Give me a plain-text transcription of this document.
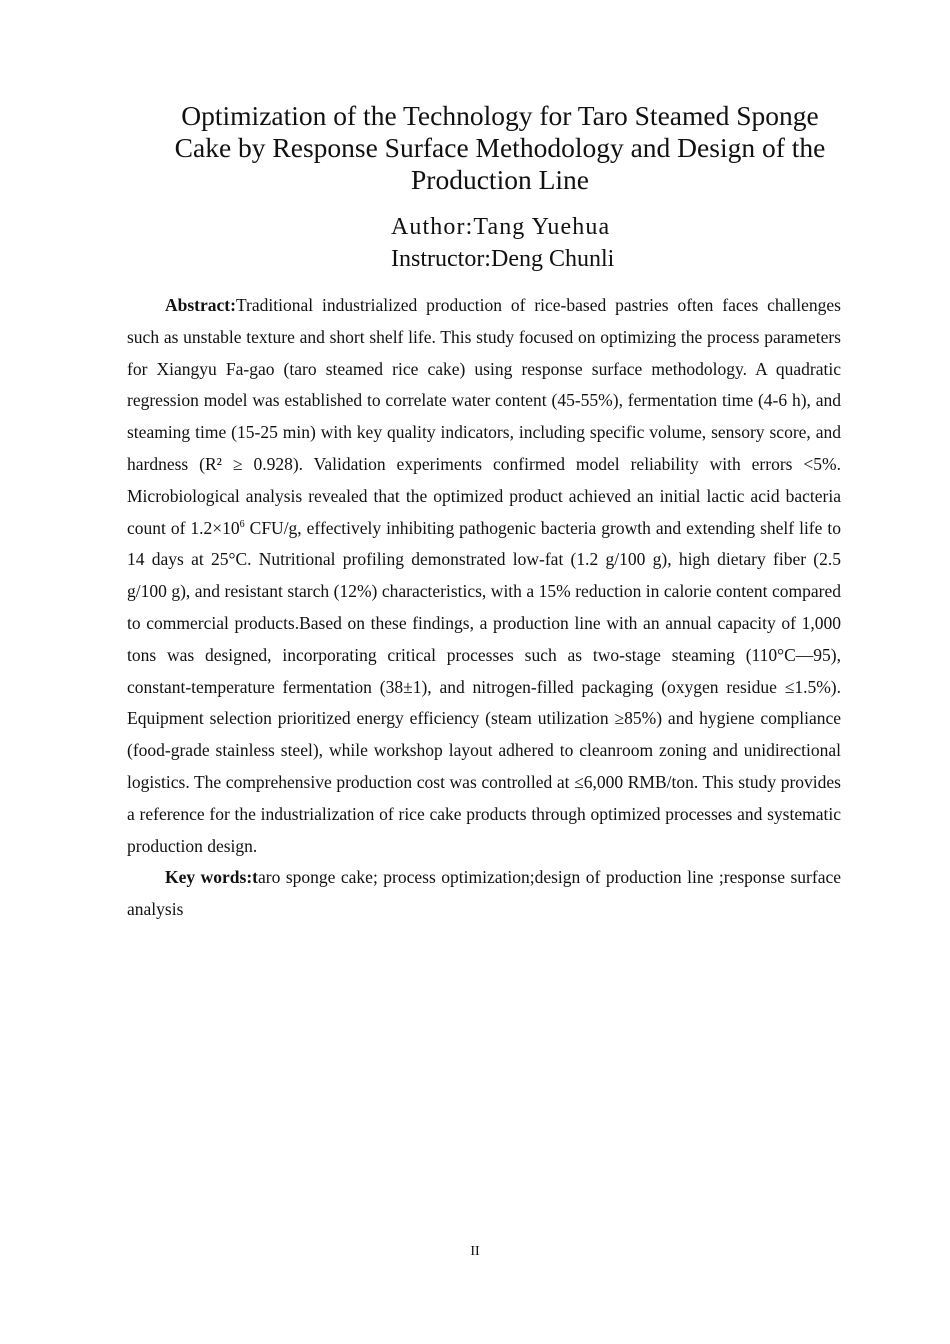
Optimization of the Technology for Taro Steamed Sponge
Cake by Response Surface Methodology and Design of the
Production Line
Author:Tang Yuehua
Instructor:Deng Chunli

Abstract:Traditional industrialized production of rice-based pastries often faces challenges such as unstable texture and short shelf life. This study focused on optimizing the process parameters for Xiangyu Fa-gao (taro steamed rice cake) using response surface methodology. A quadratic regression model was established to correlate water content (45-55%), fermentation time (4-6 h), and steaming time (15-25 min) with key quality indicators, including specific volume, sensory score, and hardness (R² ≥ 0.928). Validation experiments confirmed model reliability with errors <5%. Microbiological analysis revealed that the optimized product achieved an initial lactic acid bacteria count of $1.2\times 10^6$ CFU/g, effectively inhibiting pathogenic bacteria growth and extending shelf life to 14 days at 25°C. Nutritional profiling demonstrated low-fat (1.2 g/100 g), high dietary fiber (2.5 g/100 g), and resistant starch (12%) characteristics, with a 15% reduction in calorie content compared to commercial products.Based on these findings, a production line with an annual capacity of 1,000 tons was designed, incorporating critical processes such as two-stage steaming (110°C—95), constant-temperature fermentation (38±1), and nitrogen-filled packaging (oxygen residue ≤1.5%). Equipment selection prioritized energy efficiency (steam utilization ≥85%) and hygiene compliance (food-grade stainless steel), while workshop layout adhered to cleanroom zoning and unidirectional logistics. The comprehensive production cost was controlled at ≤6,000 RMB/ton. This study provides a reference for the industrialization of rice cake products through optimized processes and systematic production design.

Key words:taro sponge cake; process optimization;design of production line ;response surface analysis

II
